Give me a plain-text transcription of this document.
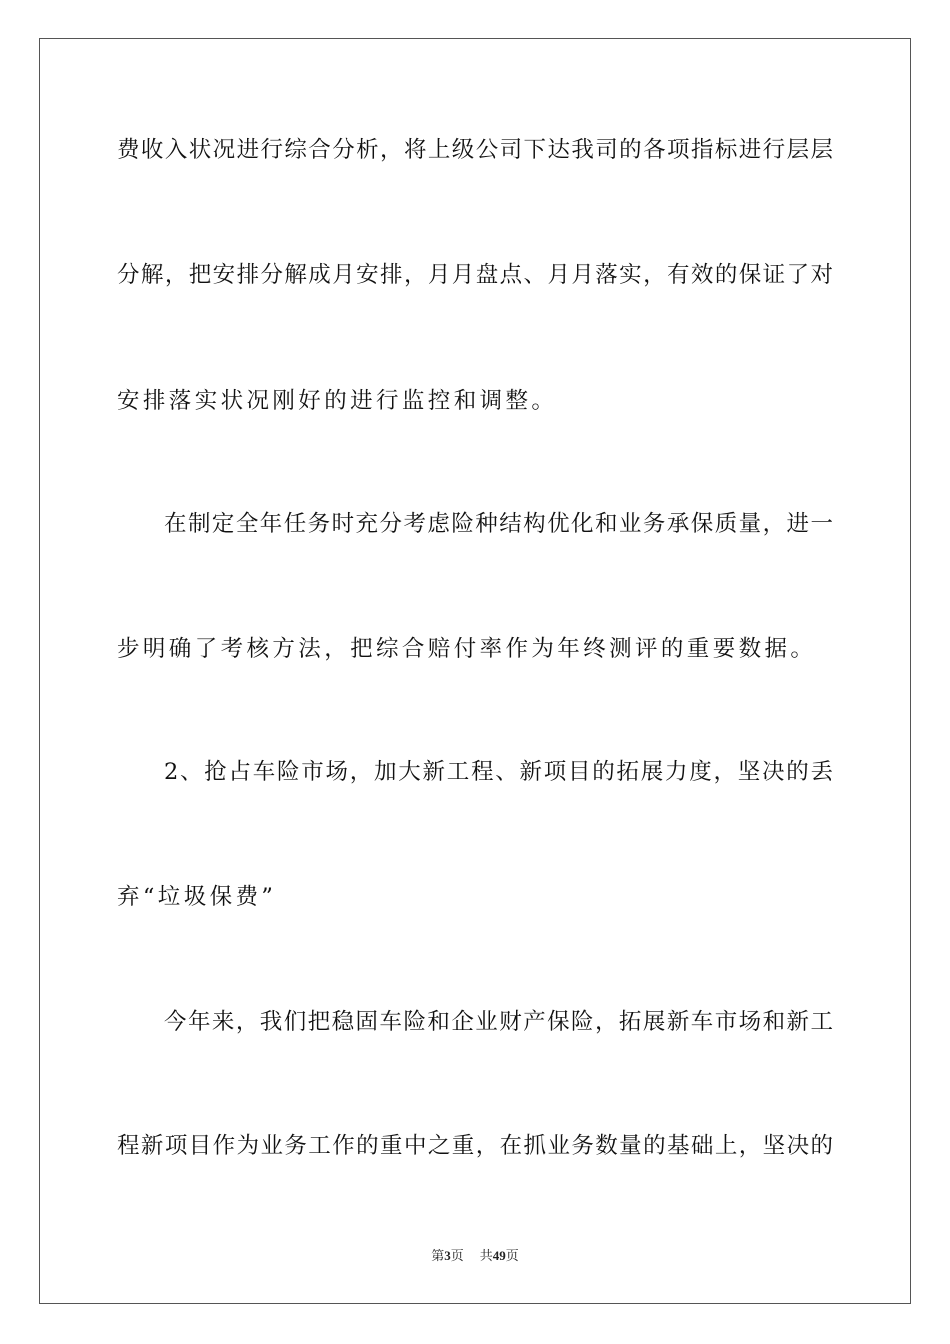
费收入状况进行综合分析，将上级公司下达我司的各项指标进行层层
分解，把安排分解成月安排，月月盘点、月月落实，有效的保证了对
安排落实状况刚好的进行监控和调整。
在制定全年任务时充分考虑险种结构优化和业务承保质量，进一
步明确了考核方法，把综合赔付率作为年终测评的重要数据。
2、抢占车险市场，加大新工程、新项目的拓展力度，坚决的丢
弃“垃圾保费”
今年来，我们把稳固车险和企业财产保险，拓展新车市场和新工
程新项目作为业务工作的重中之重，在抓业务数量的基础上，坚决的
第3页 共49页
